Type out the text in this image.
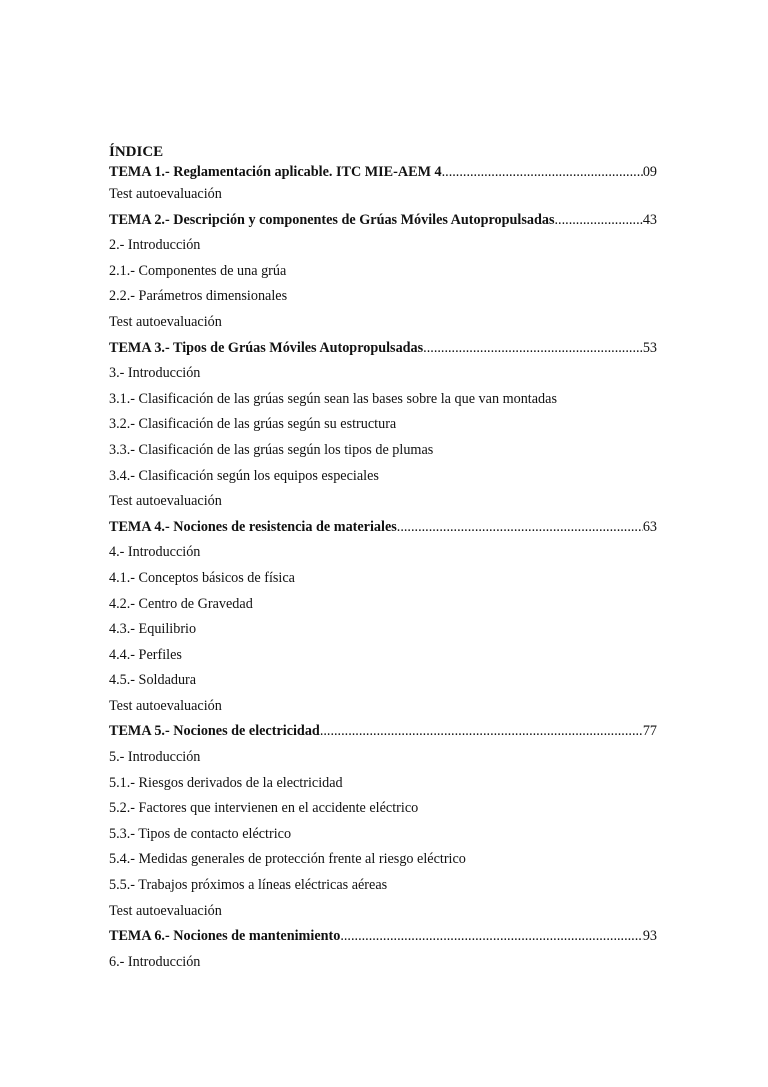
ÍNDICE
TEMA 1.- Reglamentación aplicable. ITC MIE-AEM 4 .....	09
Test autoevaluación
TEMA 2.- Descripción y componentes de Grúas Móviles Autopropulsadas .....	43
2.- Introducción
2.1.- Componentes de una grúa
2.2.- Parámetros dimensionales
Test autoevaluación
TEMA 3.- Tipos de Grúas Móviles Autopropulsadas .....	53
3.- Introducción
3.1.- Clasificación de las grúas según sean las bases sobre la que van montadas
3.2.- Clasificación de las grúas según su estructura
3.3.- Clasificación de las grúas según los tipos de plumas
3.4.- Clasificación según los equipos especiales
Test autoevaluación
TEMA 4.- Nociones de resistencia de materiales .....	63
4.- Introducción
4.1.- Conceptos básicos de física
4.2.- Centro de Gravedad
4.3.- Equilibrio
4.4.- Perfiles
4.5.- Soldadura
Test autoevaluación
TEMA 5.- Nociones de electricidad .....	77
5.- Introducción
5.1.- Riesgos derivados de la electricidad
5.2.- Factores que intervienen en el accidente eléctrico
5.3.- Tipos de contacto eléctrico
5.4.- Medidas generales de protección frente al riesgo eléctrico
5.5.- Trabajos próximos a líneas eléctricas aéreas
Test autoevaluación
TEMA 6.- Nociones de mantenimiento .....	93
6.- Introducción
